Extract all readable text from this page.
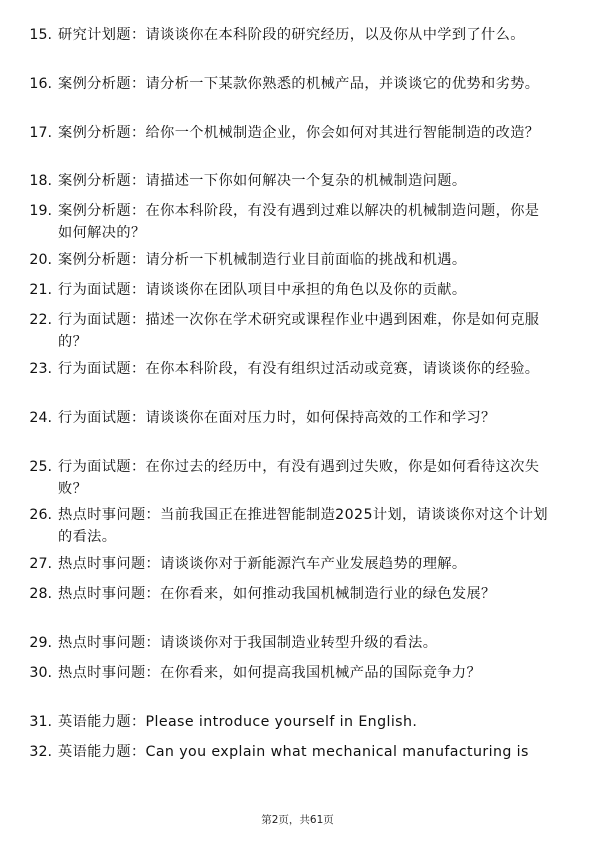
15. 研究计划题：请谈谈你在本科阶段的研究经历，以及你从中学到了什么。
16. 案例分析题：请分析一下某款你熟悉的机械产品，并谈谈它的优势和劣势。
17. 案例分析题：给你一个机械制造企业，你会如何对其进行智能制造的改造？
18. 案例分析题：请描述一下你如何解决一个复杂的机械制造问题。
19. 案例分析题：在你本科阶段，有没有遇到过难以解决的机械制造问题，你是如何解决的？
20. 案例分析题：请分析一下机械制造行业目前面临的挑战和机遇。
21. 行为面试题：请谈谈你在团队项目中承担的角色以及你的贡献。
22. 行为面试题：描述一次你在学术研究或课程作业中遇到困难，你是如何克服的？
23. 行为面试题：在你本科阶段，有没有组织过活动或竞赛，请谈谈你的经验。
24. 行为面试题：请谈谈你在面对压力时，如何保持高效的工作和学习？
25. 行为面试题：在你过去的经历中，有没有遇到过失败，你是如何看待这次失败？
26. 热点时事问题：当前我国正在推进智能制造2025计划，请谈谈你对这个计划的看法。
27. 热点时事问题：请谈谈你对于新能源汽车产业发展趋势的理解。
28. 热点时事问题：在你看来，如何推动我国机械制造行业的绿色发展？
29. 热点时事问题：请谈谈你对于我国制造业转型升级的看法。
30. 热点时事问题：在你看来，如何提高我国机械产品的国际竞争力？
31. 英语能力题：Please introduce yourself in English.
32. 英语能力题：Can you explain what mechanical manufacturing is
第2页，共61页
